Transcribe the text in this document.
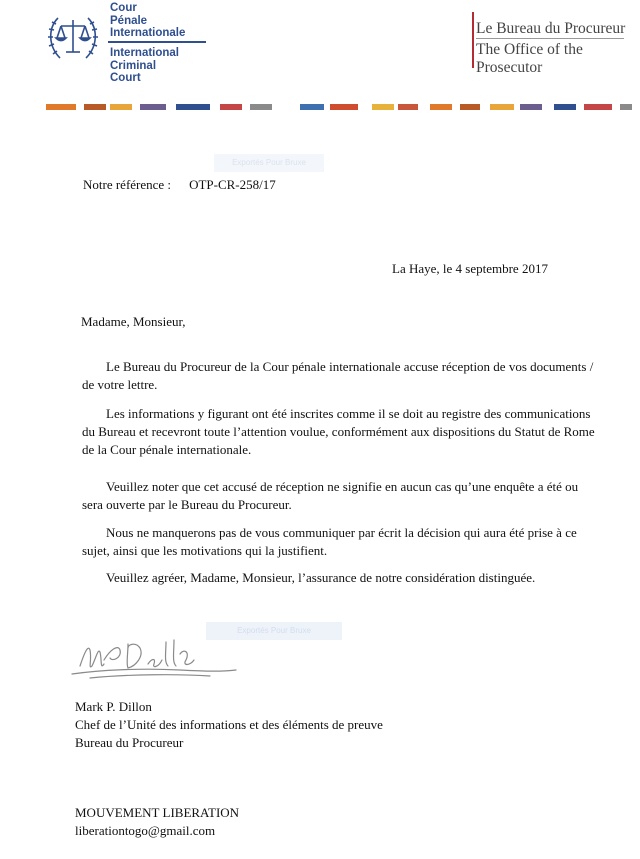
Cour
Pénale
Internationale
International
Criminal
Court
Le Bureau du Procureur
The Office of the Prosecutor
Exportés Pour Bruxe
Notre référence : OTP-CR-258/17
La Haye, le 4 septembre 2017
Madame, Monsieur,
Le Bureau du Procureur de la Cour pénale internationale accuse réception de vos documents / de votre lettre.
Les informations y figurant ont été inscrites comme il se doit au registre des communications du Bureau et recevront toute l’attention voulue, conformément aux dispositions du Statut de Rome de la Cour pénale internationale.
Veuillez noter que cet accusé de réception ne signifie en aucun cas qu’une enquête a été ou sera ouverte par le Bureau du Procureur.
Nous ne manquerons pas de vous communiquer par écrit la décision qui aura été prise à ce sujet, ainsi que les motivations qui la justifient.
Veuillez agréer, Madame, Monsieur, l’assurance de notre considération distinguée.
Exportés Pour Bruxe
Mark P. Dillon
Chef de l’Unité des informations et des éléments de preuve
Bureau du Procureur
MOUVEMENT LIBERATION
liberationtogo@gmail.com
